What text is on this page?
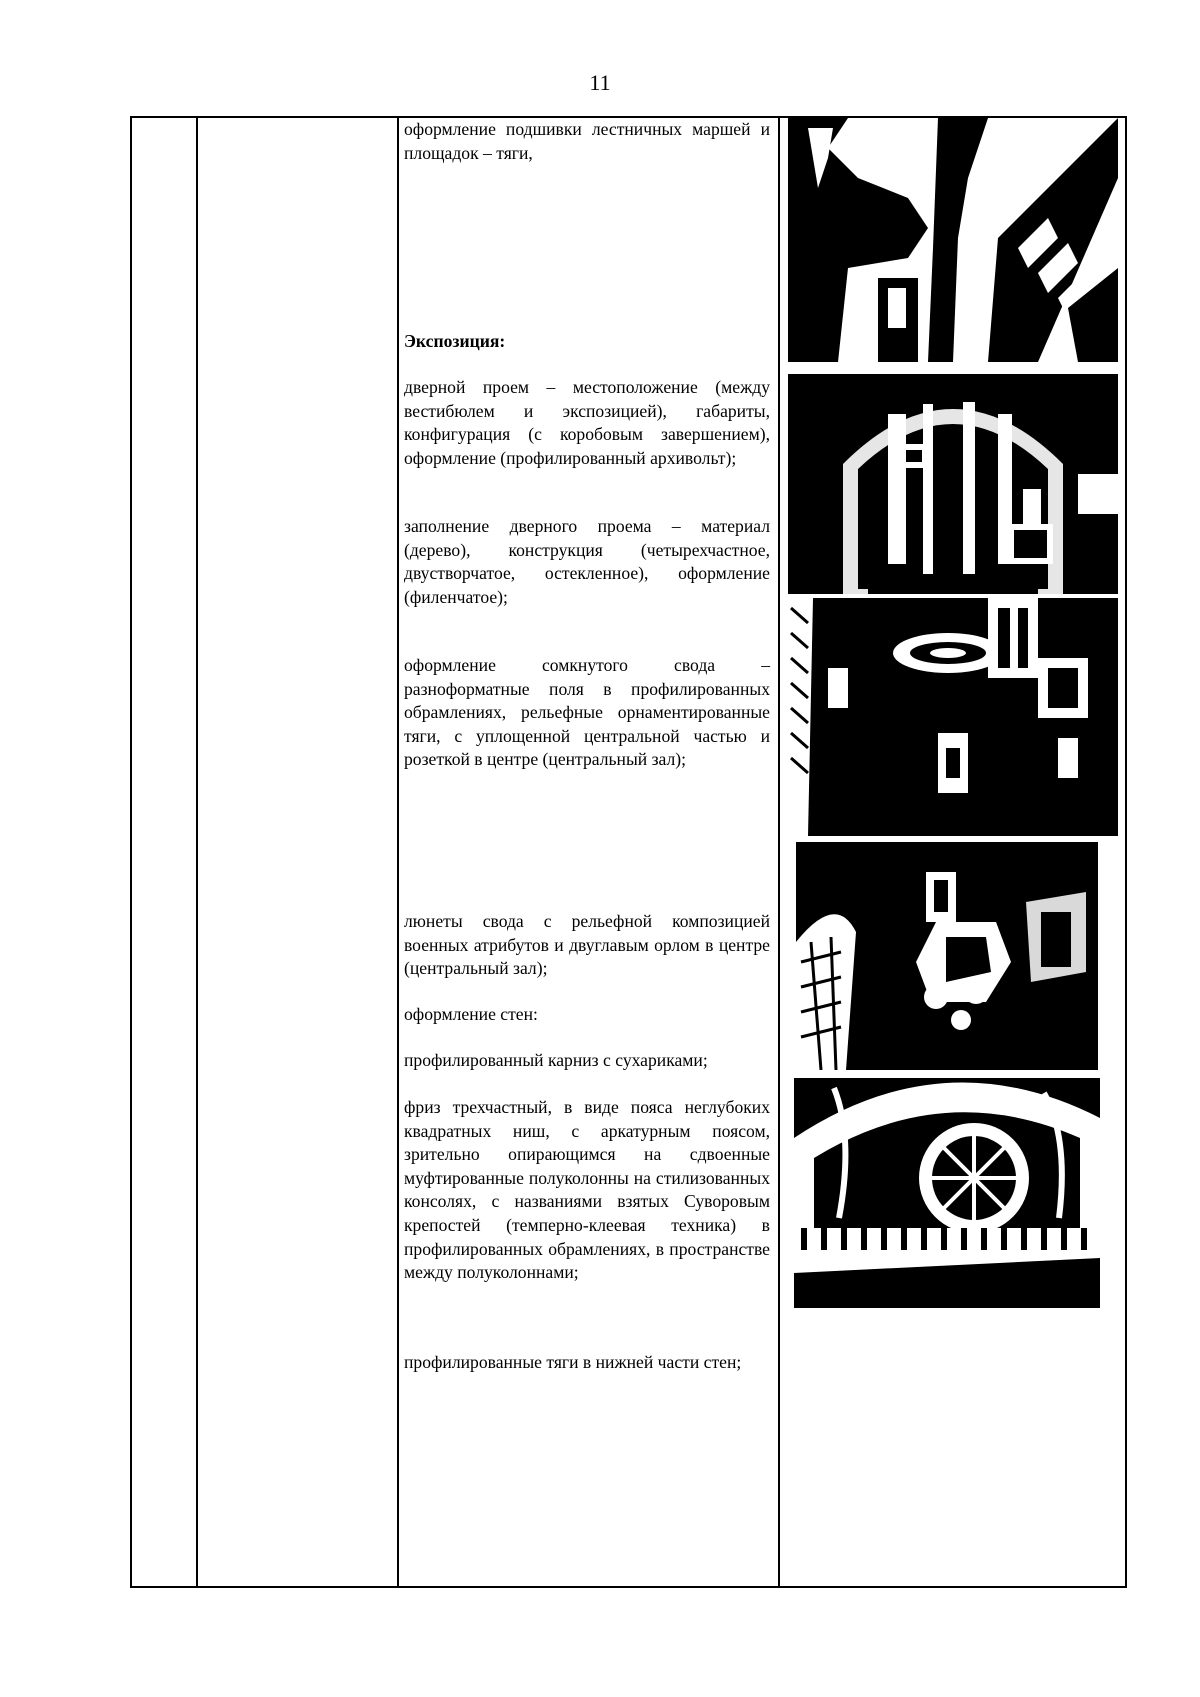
11

оформление подшивки лестничных маршей и площадок – тяги,

Экспозиция:

дверной проем – местоположение (между вестибюлем и экспозицией), габариты, конфигурация (с коробовым завершением), оформление (профилированный архивольт);

заполнение дверного проема – материал (дерево), конструкция (четырехчастное, двустворчатое, остекленное), оформление (филенчатое);

оформление сомкнутого свода – разноформатные поля в профилированных обрамлениях, рельефные орнаментированные тяги, с уплощенной центральной частью и розеткой в центре (центральный зал);

люнеты свода с рельефной композицией военных атрибутов и двуглавым орлом в центре (центральный зал);

оформление стен:

профилированный карниз с сухариками;

фриз трехчастный, в виде пояса неглубоких квадратных ниш, с аркатурным поясом, зрительно опирающимся на сдвоенные муфтированные полуколонны на стилизованных консолях, с названиями взятых Суворовым крепостей (темперно-клеевая техника) в профилированных обрамлениях, в пространстве между полуколоннами;

профилированные тяги в нижней части стен;
